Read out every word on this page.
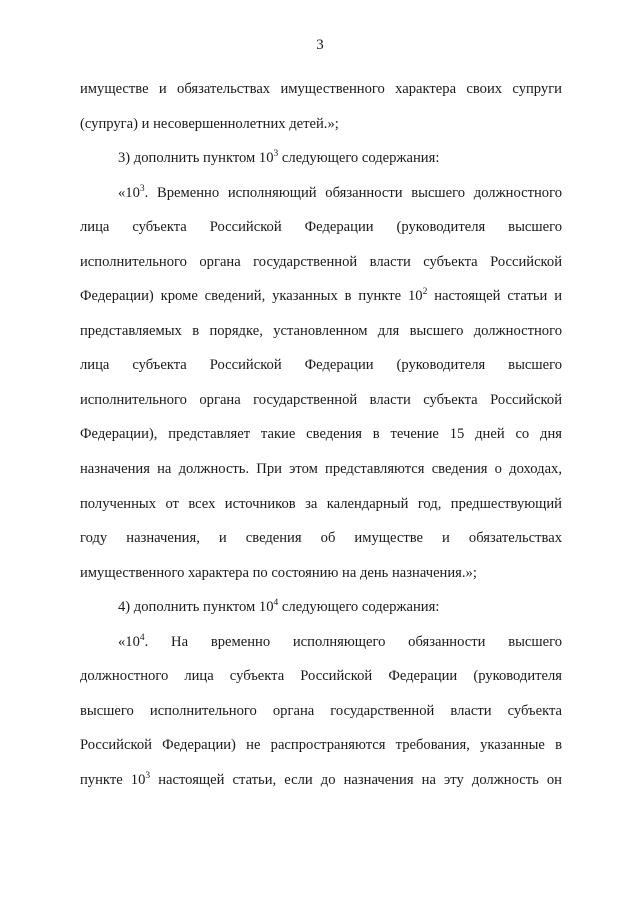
3
имуществе и обязательствах имущественного характера своих супруги
(супруга) и несовершеннолетних детей.»;
3) дополнить пунктом $10^3$ следующего содержания:
«$10^3$. Временно исполняющий обязанности высшего должностного
лица субъекта Российской Федерации (руководителя высшего
исполнительного органа государственной власти субъекта Российской
Федерации) кроме сведений, указанных в пункте $10^2$ настоящей статьи и
представляемых в порядке, установленном для высшего должностного
лица субъекта Российской Федерации (руководителя высшего
исполнительного органа государственной власти субъекта Российской
Федерации), представляет такие сведения в течение 15 дней со дня
назначения на должность. При этом представляются сведения о доходах,
полученных от всех источников за календарный год, предшествующий
году назначения, и сведения об имуществе и обязательствах
имущественного характера по состоянию на день назначения.»;
4) дополнить пунктом $10^4$ следующего содержания:
«$10^4$. На временно исполняющего обязанности высшего
должностного лица субъекта Российской Федерации (руководителя
высшего исполнительного органа государственной власти субъекта
Российской Федерации) не распространяются требования, указанные в
пункте $10^3$ настоящей статьи, если до назначения на эту должность он
